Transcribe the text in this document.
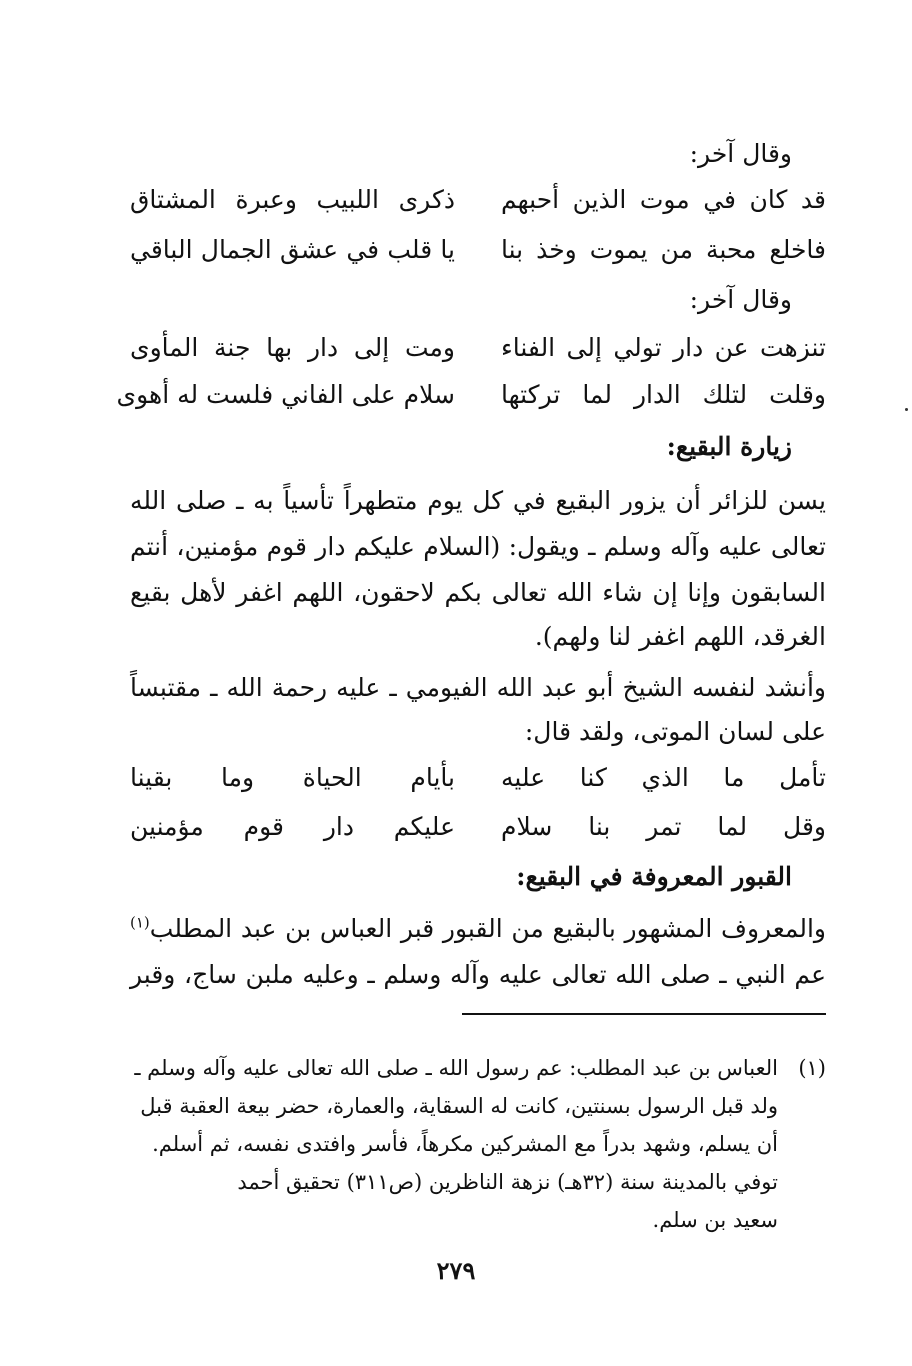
وقال آخر:
قد كان في موت الذين أحبهم
ذكرى اللبيب وعبرة المشتاق
فاخلع محبة من يموت وخذ بنا
يا قلب في عشق الجمال الباقي
وقال آخر:
تنزهت عن دار تولي إلى الفناء
ومت إلى دار بها جنة المأوى
وقلت لتلك الدار لما تركتها
سلام على الفاني فلست له أهوى
زيارة البقيع:
يسن للزائر أن يزور البقيع في كل يوم متطهراً تأسياً به ـ صلى الله
تعالى عليه وآله وسلم ـ ويقول: (السلام عليكم دار قوم مؤمنين، أنتم
السابقون وإنا إن شاء الله تعالى بكم لاحقون، اللهم اغفر لأهل بقيع
الغرقد، اللهم اغفر لنا ولهم).
وأنشد لنفسه الشيخ أبو عبد الله الفيومي ـ عليه رحمة الله ـ مقتبساً
على لسان الموتى، ولقد قال:
تأمل ما الذي كنا عليه
بأيام الحياة وما بقينا
وقل لما تمر بنا سلام
عليكم دار قوم مؤمنين
القبور المعروفة في البقيع:
والمعروف المشهور بالبقيع من القبور قبر العباس بن عبد المطلب$^{(١)}$
عم النبي ـ صلى الله تعالى عليه وآله وسلم ـ وعليه ملبن ساج، وقبر
(١)
العباس بن عبد المطلب: عم رسول الله ـ صلى الله تعالى عليه وآله وسلم ـ
ولد قبل الرسول بسنتين، كانت له السقاية، والعمارة، حضر بيعة العقبة قبل
أن يسلم، وشهد بدراً مع المشركين مكرهاً، فأسر وافتدى نفسه، ثم أسلم.
توفي بالمدينة سنة (٣٢هـ) نزهة الناظرين (ص٣١١) تحقيق أحمد
سعيد بن سلم.
٢٧٩
